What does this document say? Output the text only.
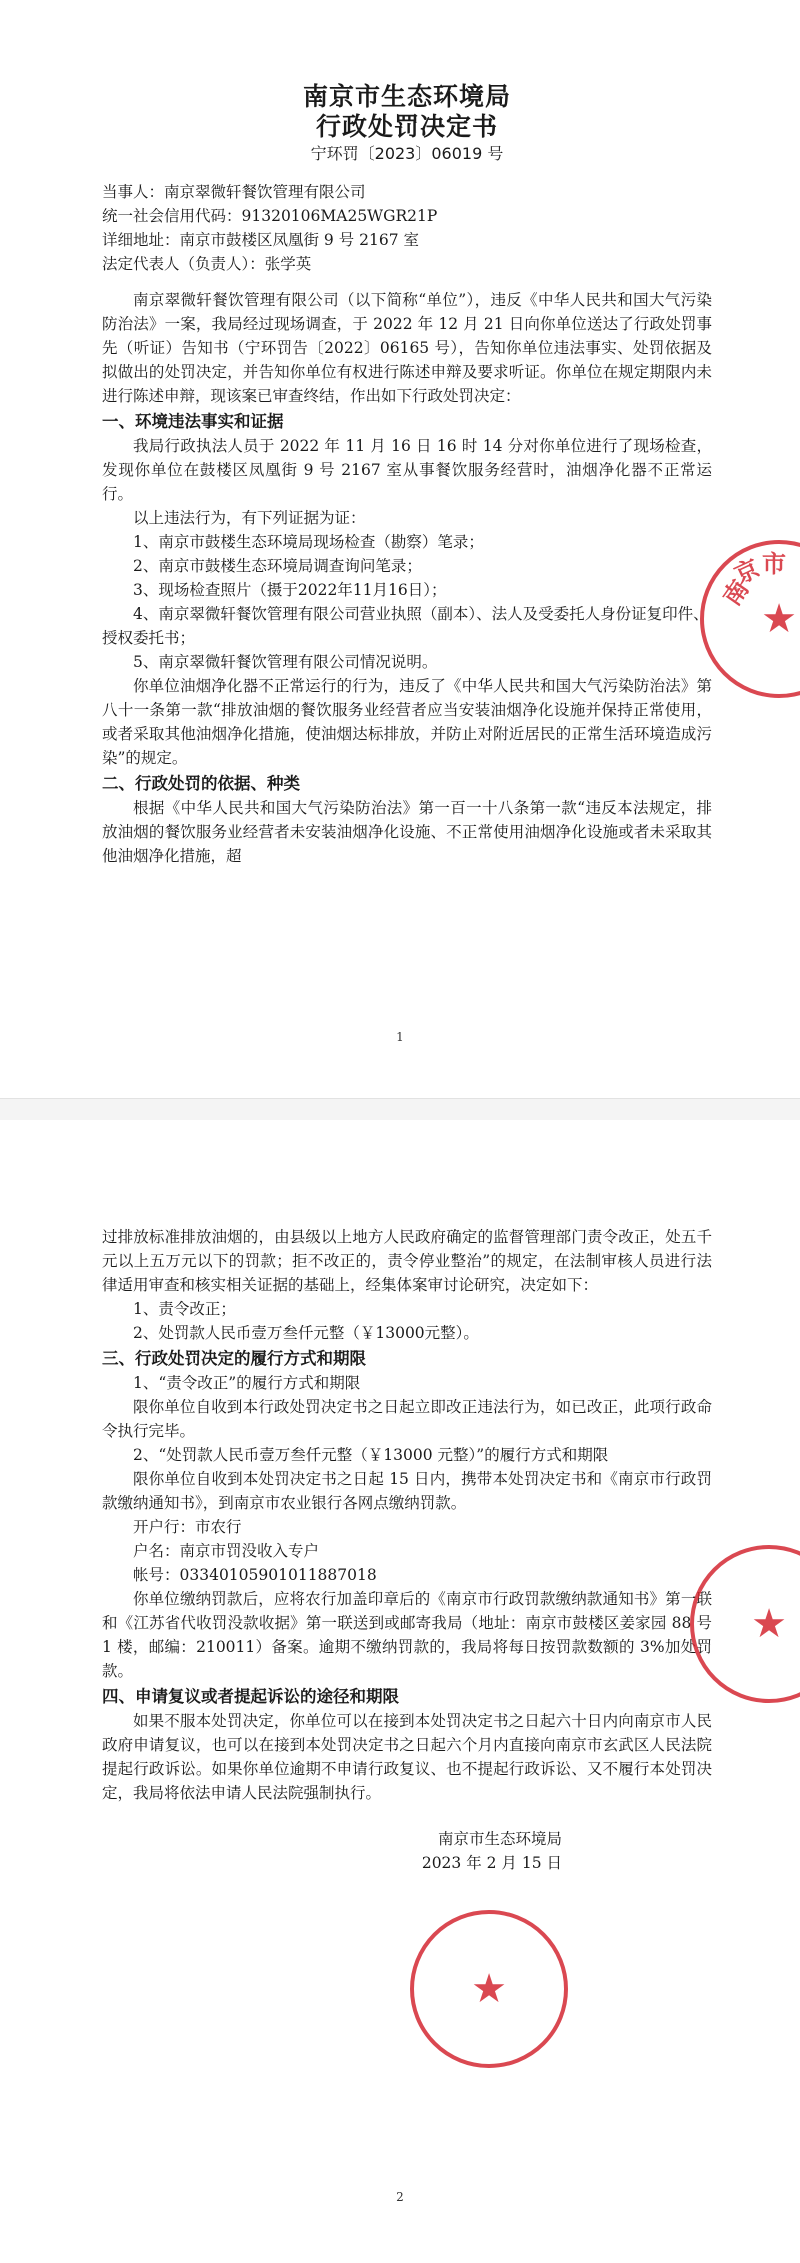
南京市生态环境局
行政处罚决定书
宁环罚〔2023〕06019 号

当事人：南京翠微轩餐饮管理有限公司

统一社会信用代码：91320106MA25WGR21P

详细地址：南京市鼓楼区凤凰街 9 号 2167 室

法定代表人（负责人）：张学英

南京翠微轩餐饮管理有限公司（以下简称“单位”），违反《中华人民共和国大气污染防治法》一案，我局经过现场调查，于 2022 年 12 月 21 日向你单位送达了行政处罚事先（听证）告知书（宁环罚告〔2022〕06165 号），告知你单位违法事实、处罚依据及拟做出的处罚决定，并告知你单位有权进行陈述申辩及要求听证。你单位在规定期限内未进行陈述申辩，现该案已审查终结，作出如下行政处罚决定：

一、环境违法事实和证据

我局行政执法人员于 2022 年 11 月 16 日 16 时 14 分对你单位进行了现场检查，发现你单位在鼓楼区凤凰街 9 号 2167 室从事餐饮服务经营时，油烟净化器不正常运行。

以上违法行为，有下列证据为证：

1、南京市鼓楼生态环境局现场检查（勘察）笔录；

2、南京市鼓楼生态环境局调查询问笔录；

3、现场检查照片（摄于2022年11月16日）；

4、南京翠微轩餐饮管理有限公司营业执照（副本）、法人及受委托人身份证复印件、授权委托书；

5、南京翠微轩餐饮管理有限公司情况说明。

你单位油烟净化器不正常运行的行为，违反了《中华人民共和国大气污染防治法》第八十一条第一款“排放油烟的餐饮服务业经营者应当安装油烟净化设施并保持正常使用，或者采取其他油烟净化措施，使油烟达标排放，并防止对附近居民的正常生活环境造成污染”的规定。

二、行政处罚的依据、种类

根据《中华人民共和国大气污染防治法》第一百一十八条第一款“违反本法规定，排放油烟的餐饮服务业经营者未安装油烟净化设施、不正常使用油烟净化设施或者未采取其他油烟净化措施，超

★
南
京
市
1

过排放标准排放油烟的，由县级以上地方人民政府确定的监督管理部门责令改正，处五千元以上五万元以下的罚款；拒不改正的，责令停业整治”的规定，在法制审核人员进行法律适用审查和核实相关证据的基础上，经集体案审讨论研究，决定如下：

1、责令改正；

2、处罚款人民币壹万叁仟元整（￥13000元整）。

三、行政处罚决定的履行方式和期限

1、“责令改正”的履行方式和期限

限你单位自收到本行政处罚决定书之日起立即改正违法行为，如已改正，此项行政命令执行完毕。

2、“处罚款人民币壹万叁仟元整（￥13000 元整）”的履行方式和期限

限你单位自收到本处罚决定书之日起 15 日内，携带本处罚决定书和《南京市行政罚款缴纳通知书》，到南京市农业银行各网点缴纳罚款。

开户行：市农行

户名：南京市罚没收入专户

帐号：03340105901011887018

你单位缴纳罚款后，应将农行加盖印章后的《南京市行政罚款缴纳款通知书》第一联和《江苏省代收罚没款收据》第一联送到或邮寄我局（地址：南京市鼓楼区姜家园 88 号 1 楼，邮编：210011）备案。逾期不缴纳罚款的，我局将每日按罚款数额的 3%加处罚款。

四、申请复议或者提起诉讼的途径和期限

如果不服本处罚决定，你单位可以在接到本处罚决定书之日起六十日内向南京市人民政府申请复议，也可以在接到本处罚决定书之日起六个月内直接向南京市玄武区人民法院提起行政诉讼。如果你单位逾期不申请行政复议、也不提起行政诉讼、又不履行本处罚决定，我局将依法申请人民法院强制执行。

南京市生态环境局
2023 年 2 月 15 日
★
★
2
